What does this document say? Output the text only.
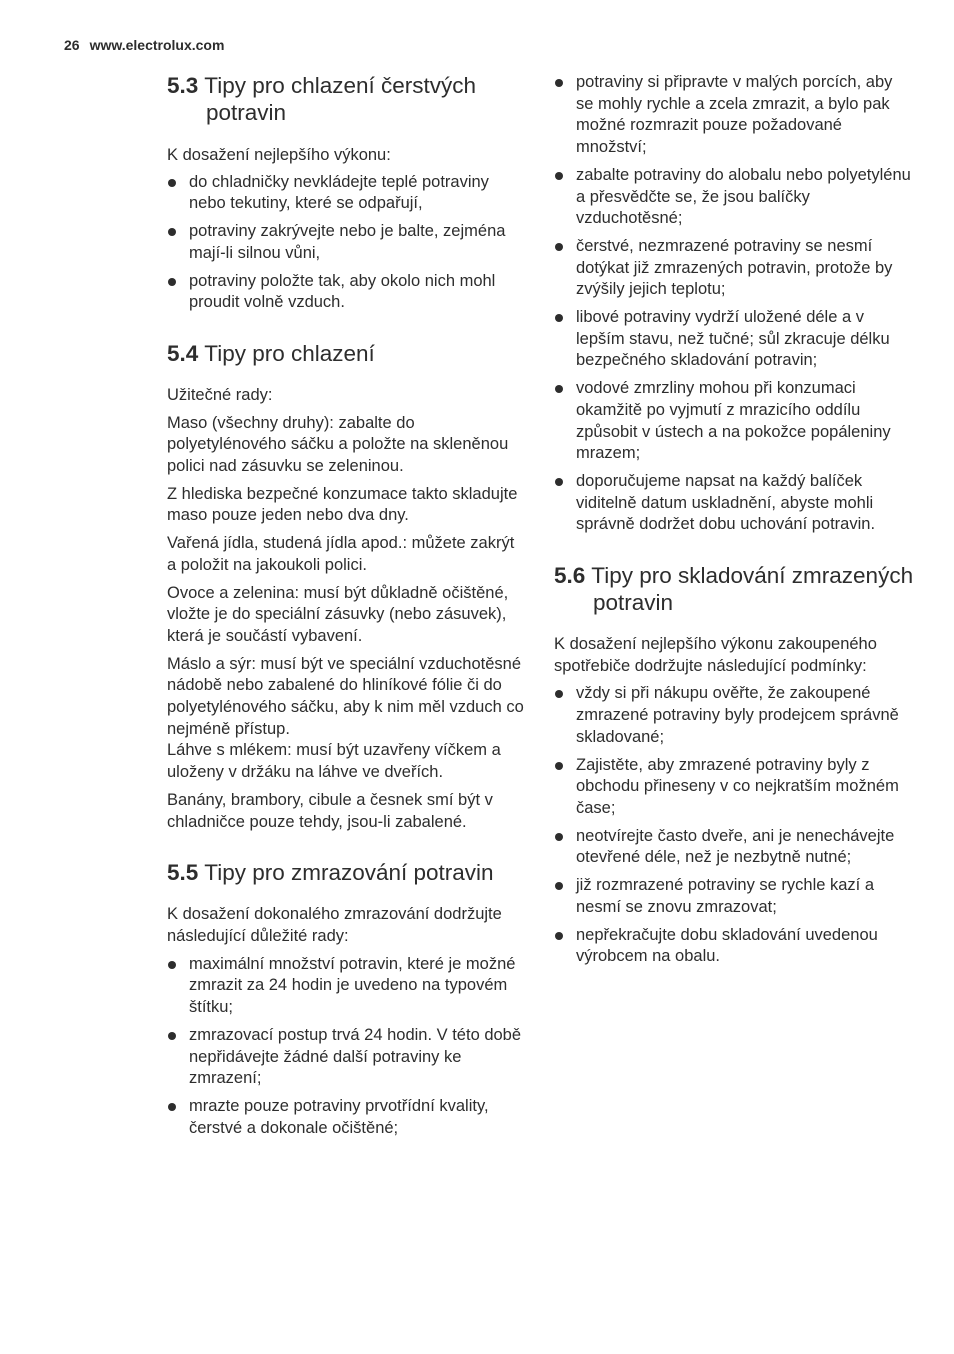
26 www.electrolux.com
5.3 Tipy pro chlazení čerstvých potravin

K dosažení nejlepšího výkonu:

do chladničky nevkládejte teplé potraviny nebo tekutiny, které se odpařují,
potraviny zakrývejte nebo je balte, zejména mají-li silnou vůni,
potraviny položte tak, aby okolo nich mohl proudit volně vzduch.
5.4 Tipy pro chlazení

Užitečné rady:

Maso (všechny druhy): zabalte do polyetylénového sáčku a položte na skleněnou polici nad zásuvku se zeleninou.

Z hlediska bezpečné konzumace takto skladujte maso pouze jeden nebo dva dny.

Vařená jídla, studená jídla apod.: můžete zakrýt a položit na jakoukoli polici.

Ovoce a zelenina: musí být důkladně očištěné, vložte je do speciální zásuvky (nebo zásuvek), která je součástí vybavení.

Máslo a sýr: musí být ve speciální vzduchotěsné nádobě nebo zabalené do hliníkové fólie či do polyetylénového sáčku, aby k nim měl vzduch co nejméně přístup.

Láhve s mlékem: musí být uzavřeny víčkem a uloženy v držáku na láhve ve dveřích.

Banány, brambory, cibule a česnek smí být v chladničce pouze tehdy, jsou-li zabalené.

5.5 Tipy pro zmrazování potravin

K dosažení dokonalého zmrazování dodržujte následující důležité rady:

maximální množství potravin, které je možné zmrazit za 24 hodin je uvedeno na typovém štítku;
zmrazovací postup trvá 24 hodin. V této době nepřidávejte žádné další potraviny ke zmrazení;
mrazte pouze potraviny prvotřídní kvality, čerstvé a dokonale očištěné;
potraviny si připravte v malých porcích, aby se mohly rychle a zcela zmrazit, a bylo pak možné rozmrazit pouze požadované množství;
zabalte potraviny do alobalu nebo polyetylénu a přesvědčte se, že jsou balíčky vzduchotěsné;
čerstvé, nezmrazené potraviny se nesmí dotýkat již zmrazených potravin, protože by zvýšily jejich teplotu;
libové potraviny vydrží uložené déle a v lepším stavu, než tučné; sůl zkracuje délku bezpečného skladování potravin;
vodové zmrzliny mohou při konzumaci okamžitě po vyjmutí z mrazicího oddílu způsobit v ústech a na pokožce popáleniny mrazem;
doporučujeme napsat na každý balíček viditelně datum uskladnění, abyste mohli správně dodržet dobu uchování potravin.
5.6 Tipy pro skladování zmrazených potravin

K dosažení nejlepšího výkonu zakoupeného spotřebiče dodržujte následující podmínky:

vždy si při nákupu ověřte, že zakoupené zmrazené potraviny byly prodejcem správně skladované;
Zajistěte, aby zmrazené potraviny byly z obchodu přineseny v co nejkratším možném čase;
neotvírejte často dveře, ani je nenechávejte otevřené déle, než je nezbytně nutné;
již rozmrazené potraviny se rychle kazí a nesmí se znovu zmrazovat;
nepřekračujte dobu skladování uvedenou výrobcem na obalu.
